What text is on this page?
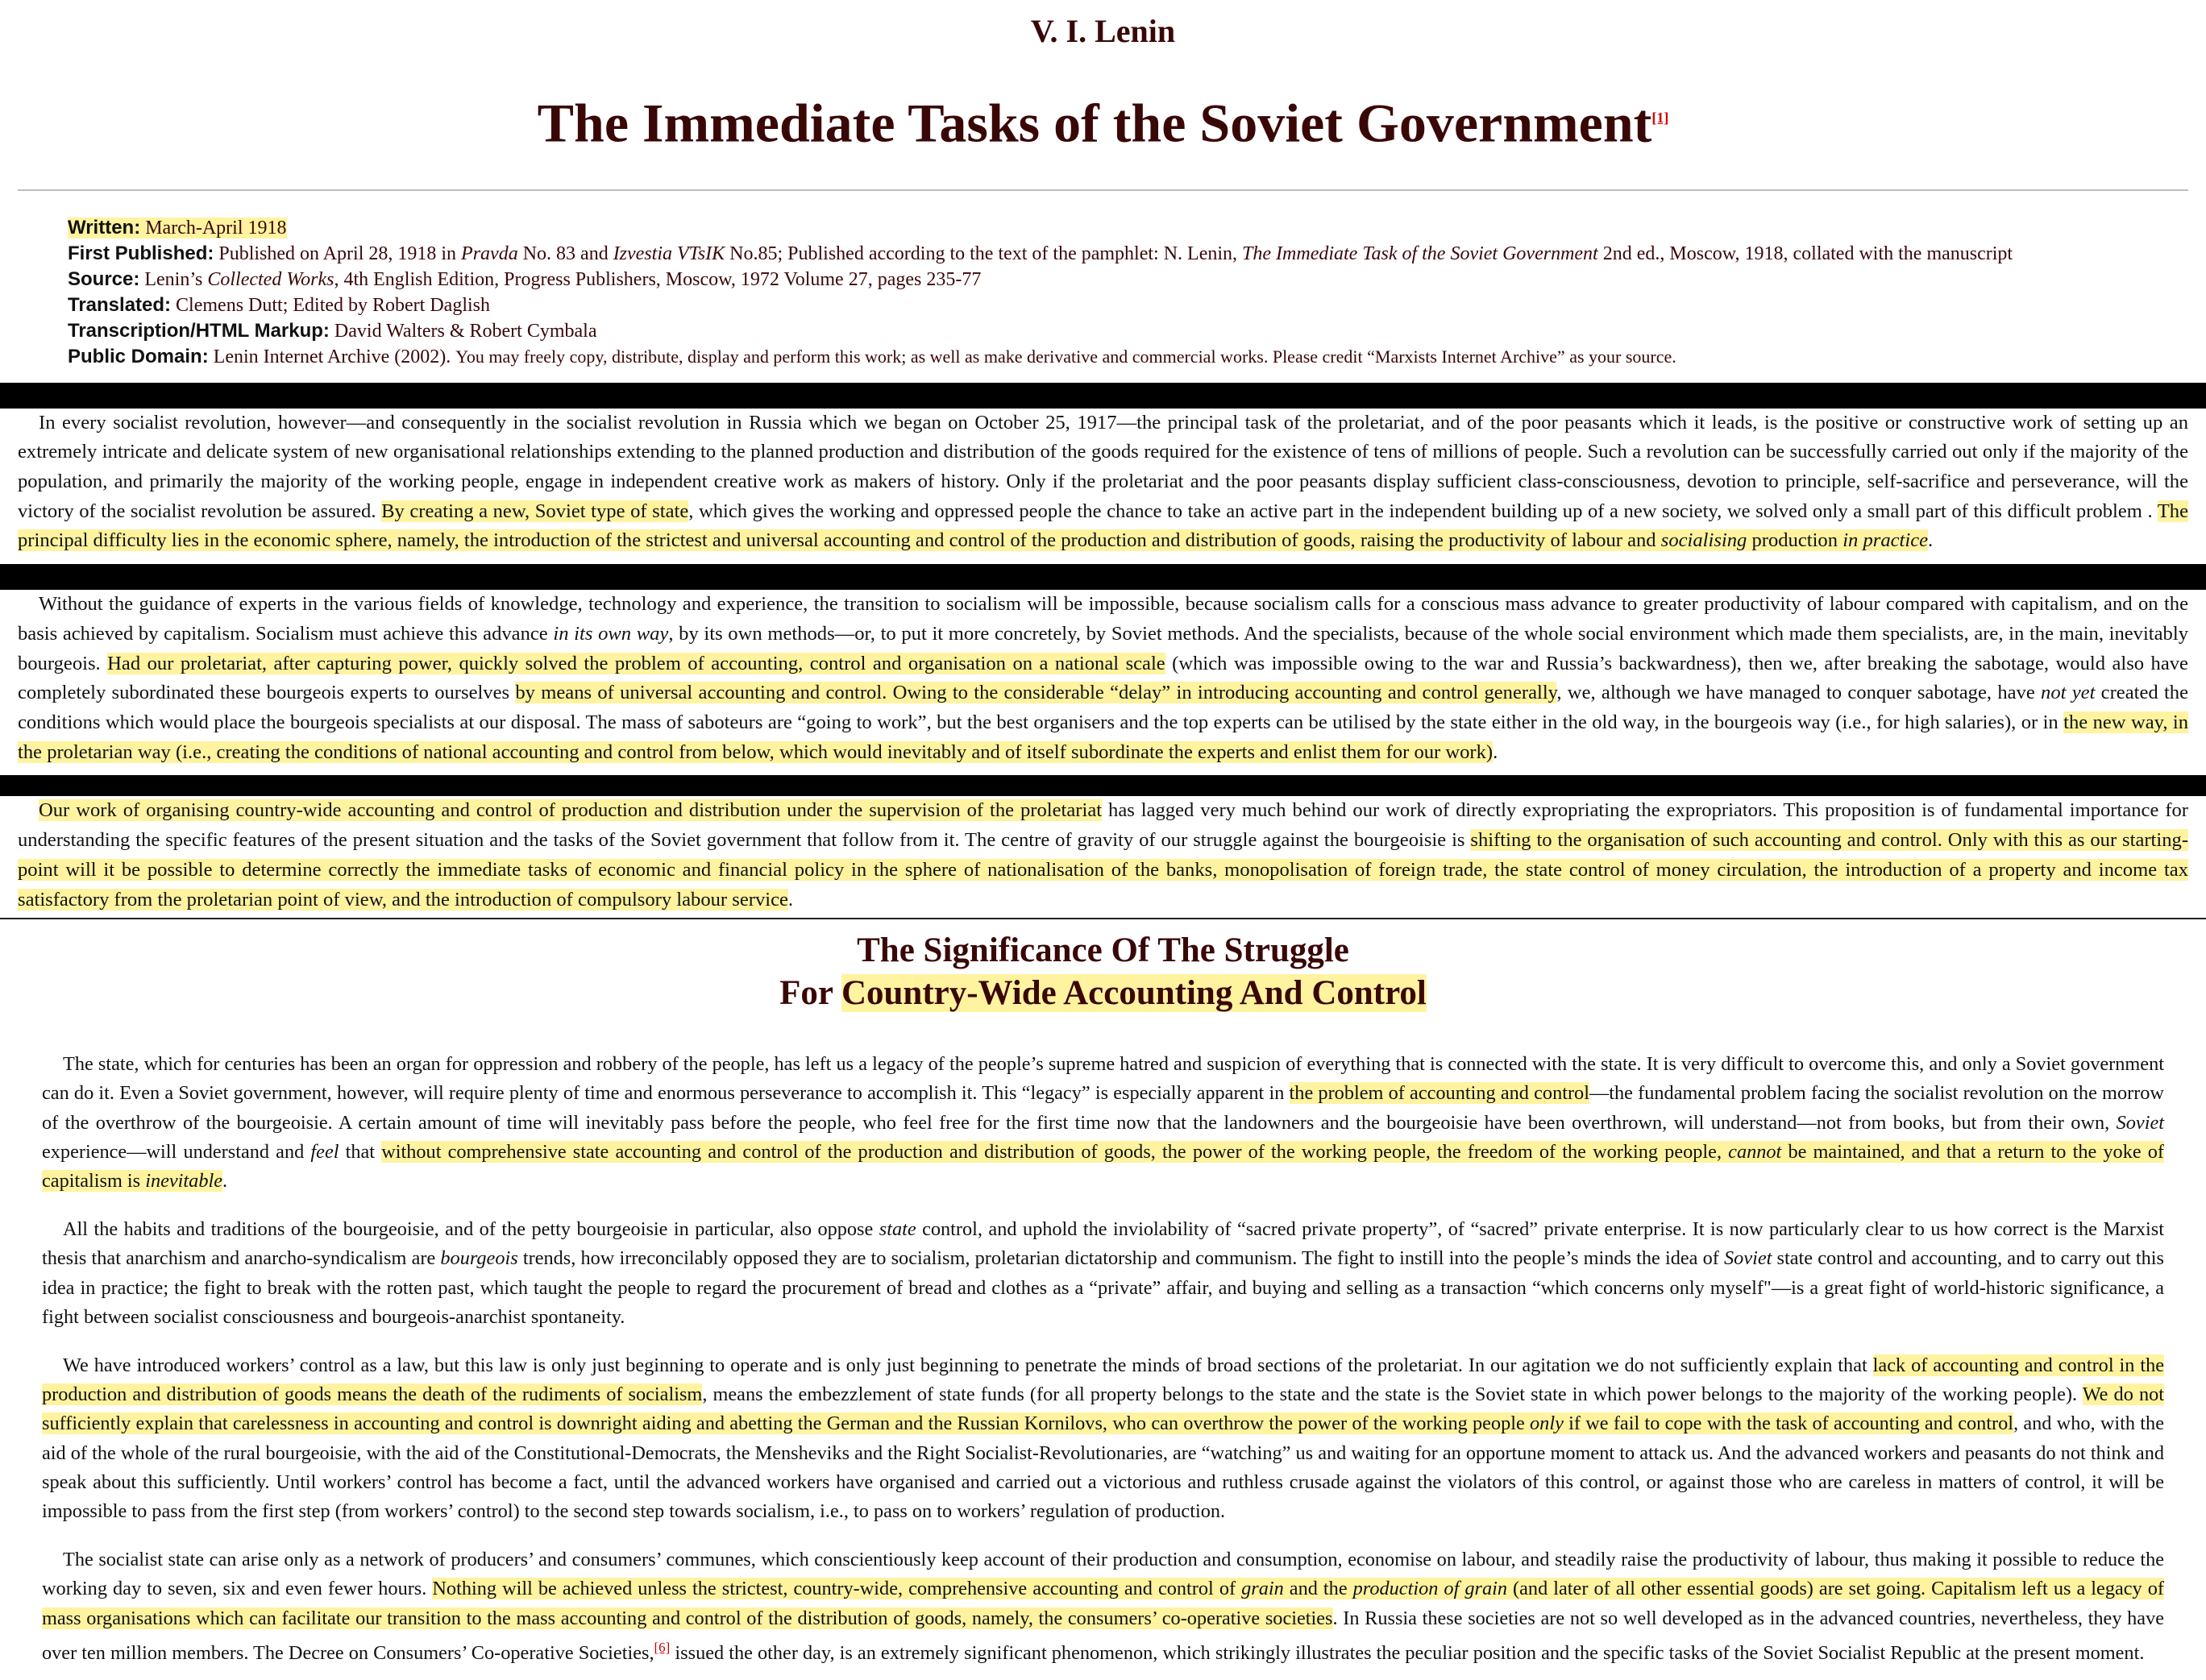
V. I. Lenin
The Immediate Tasks of the Soviet Government[1]
Written: March-April 1918
First Published: Published on April 28, 1918 in Pravda No. 83 and Izvestia VTsIK No.85; Published according to the text of the pamphlet: N. Lenin, The Immediate Task of the Soviet Government 2nd ed., Moscow, 1918, collated with the manuscript
Source: Lenin’s Collected Works, 4th English Edition, Progress Publishers, Moscow, 1972 Volume 27, pages 235-77
Translated: Clemens Dutt; Edited by Robert Daglish
Transcription/HTML Markup: David Walters & Robert Cymbala
Public Domain: Lenin Internet Archive (2002). You may freely copy, distribute, display and perform this work; as well as make derivative and commercial works. Please credit “Marxists Internet Archive” as your source.

In every socialist revolution, however—and consequently in the socialist revolution in Russia which we began on October 25, 1917—the principal task of the proletariat, and of the poor peasants which it leads, is the positive or constructive work of setting up an extremely intricate and delicate system of new organisational relationships extending to the planned production and distribution of the goods required for the existence of tens of millions of people. Such a revolution can be successfully carried out only if the majority of the population, and primarily the majority of the working people, engage in independent creative work as makers of history. Only if the proletariat and the poor peasants display sufficient class-consciousness, devotion to principle, self-sacrifice and perseverance, will the victory of the socialist revolution be assured. By creating a new, Soviet type of state, which gives the working and oppressed people the chance to take an active part in the independent building up of a new society, we solved only a small part of this difficult problem . The principal difficulty lies in the economic sphere, namely, the introduction of the strictest and universal accounting and control of the production and distribution of goods, raising the productivity of labour and socialising production in practice.

Without the guidance of experts in the various fields of knowledge, technology and experience, the transition to socialism will be impossible, because socialism calls for a conscious mass advance to greater productivity of labour compared with capitalism, and on the basis achieved by capitalism. Socialism must achieve this advance in its own way, by its own methods—or, to put it more concretely, by Soviet methods. And the specialists, because of the whole social environment which made them specialists, are, in the main, inevitably bourgeois. Had our proletariat, after capturing power, quickly solved the problem of accounting, control and organisation on a national scale (which was impossible owing to the war and Russia’s backwardness), then we, after breaking the sabotage, would also have completely subordinated these bourgeois experts to ourselves by means of universal accounting and control. Owing to the considerable “delay” in introducing accounting and control generally, we, although we have managed to conquer sabotage, have not yet created the conditions which would place the bourgeois specialists at our disposal. The mass of saboteurs are “going to work”, but the best organisers and the top experts can be utilised by the state either in the old way, in the bourgeois way (i.e., for high salaries), or in the new way, in the proletarian way (i.e., creating the conditions of national accounting and control from below, which would inevitably and of itself subordinate the experts and enlist them for our work).

Our work of organising country-wide accounting and control of production and distribution under the supervision of the proletariat has lagged very much behind our work of directly expropriating the expropriators. This proposition is of fundamental importance for understanding the specific features of the present situation and the tasks of the Soviet government that follow from it. The centre of gravity of our struggle against the bourgeoisie is shifting to the organisation of such accounting and control. Only with this as our starting-point will it be possible to determine correctly the immediate tasks of economic and financial policy in the sphere of nationalisation of the banks, monopolisation of foreign trade, the state control of money circulation, the introduction of a property and income tax satisfactory from the proletarian point of view, and the introduction of compulsory labour service.

The Significance Of The Struggle
For Country-Wide Accounting And Control

The state, which for centuries has been an organ for oppression and robbery of the people, has left us a legacy of the people’s supreme hatred and suspicion of everything that is connected with the state. It is very difficult to overcome this, and only a Soviet government can do it. Even a Soviet government, however, will require plenty of time and enormous perseverance to accomplish it. This “legacy” is especially apparent in the problem of accounting and control—the fundamental problem facing the socialist revolution on the morrow of the overthrow of the bourgeoisie. A certain amount of time will inevitably pass before the people, who feel free for the first time now that the landowners and the bourgeoisie have been overthrown, will understand—not from books, but from their own, Soviet experience—will understand and feel that without comprehensive state accounting and control of the production and distribution of goods, the power of the working people, the freedom of the working people, cannot be maintained, and that a return to the yoke of capitalism is inevitable.

All the habits and traditions of the bourgeoisie, and of the petty bourgeoisie in particular, also oppose state control, and uphold the inviolability of “sacred private property”, of “sacred” private enterprise. It is now particularly clear to us how correct is the Marxist thesis that anarchism and anarcho-syndicalism are bourgeois trends, how irreconcilably opposed they are to socialism, proletarian dictatorship and communism. The fight to instill into the people’s minds the idea of Soviet state control and accounting, and to carry out this idea in practice; the fight to break with the rotten past, which taught the people to regard the procurement of bread and clothes as a “private” affair, and buying and selling as a transaction “which concerns only myself"—is a great fight of world-historic significance, a fight between socialist consciousness and bourgeois-anarchist spontaneity.

We have introduced workers’ control as a law, but this law is only just beginning to operate and is only just beginning to penetrate the minds of broad sections of the proletariat. In our agitation we do not sufficiently explain that lack of accounting and control in the production and distribution of goods means the death of the rudiments of socialism, means the embezzlement of state funds (for all property belongs to the state and the state is the Soviet state in which power belongs to the majority of the working people). We do not sufficiently explain that carelessness in accounting and control is downright aiding and abetting the German and the Russian Kornilovs, who can overthrow the power of the working people only if we fail to cope with the task of accounting and control, and who, with the aid of the whole of the rural bourgeoisie, with the aid of the Constitutional-Democrats, the Mensheviks and the Right Socialist-Revolutionaries, are “watching” us and waiting for an opportune moment to attack us. And the advanced workers and peasants do not think and speak about this sufficiently. Until workers’ control has become a fact, until the advanced workers have organised and carried out a victorious and ruthless crusade against the violators of this control, or against those who are careless in matters of control, it will be impossible to pass from the first step (from workers’ control) to the second step towards socialism, i.e., to pass on to workers’ regulation of production.

The socialist state can arise only as a network of producers’ and consumers’ communes, which conscientiously keep account of their production and consumption, economise on labour, and steadily raise the productivity of labour, thus making it possible to reduce the working day to seven, six and even fewer hours. Nothing will be achieved unless the strictest, country-wide, comprehensive accounting and control of grain and the production of grain (and later of all other essential goods) are set going. Capitalism left us a legacy of mass organisations which can facilitate our transition to the mass accounting and control of the distribution of goods, namely, the consumers’ co-operative societies. In Russia these societies are not so well developed as in the advanced countries, nevertheless, they have over ten million members. The Decree on Consumers’ Co-operative Societies,[6] issued the other day, is an extremely significant phenomenon, which strikingly illustrates the peculiar position and the specific tasks of the Soviet Socialist Republic at the present moment.
